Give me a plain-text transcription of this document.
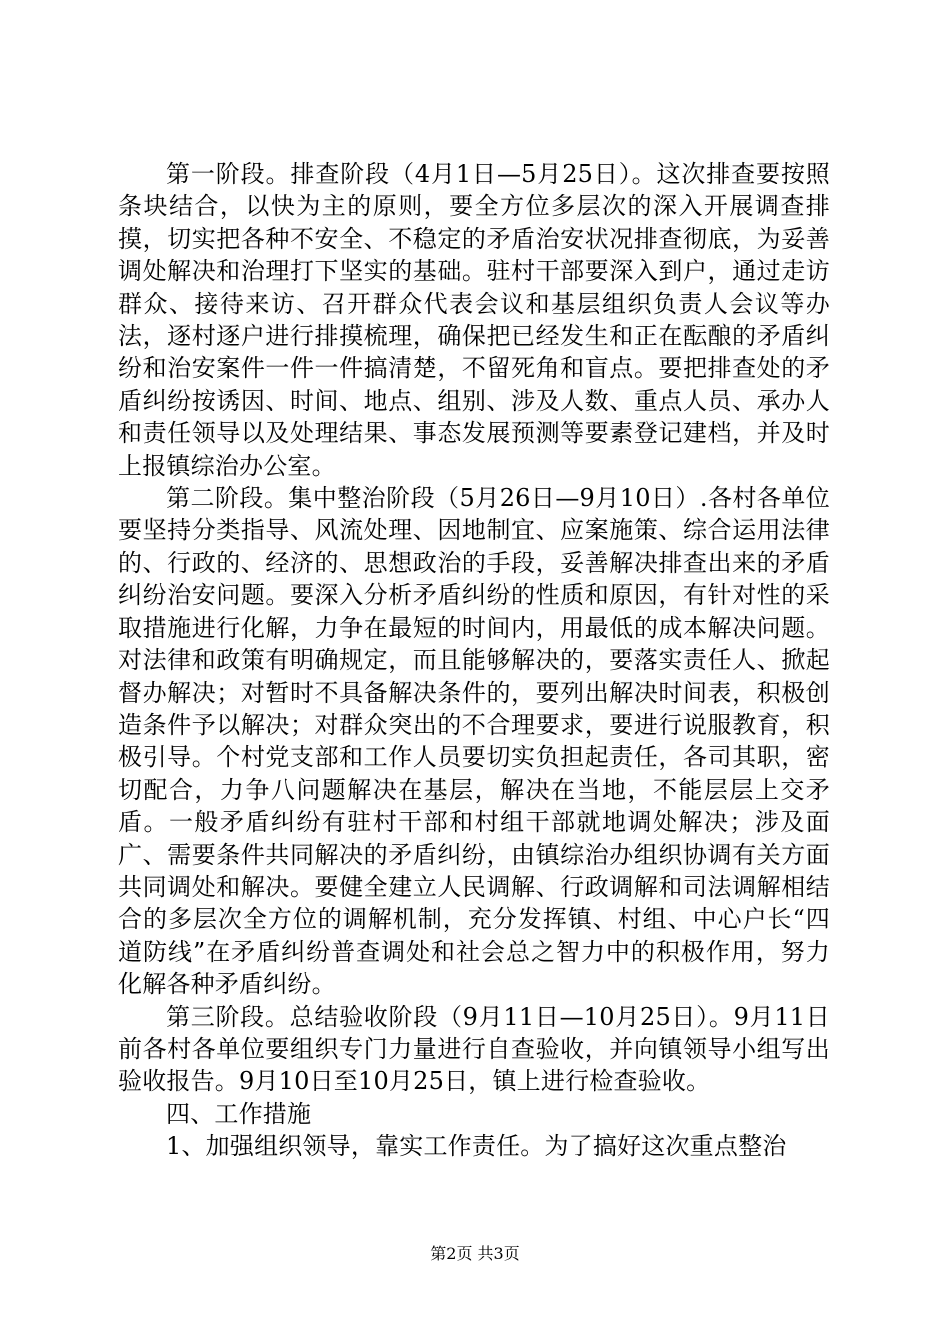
第一阶段。排查阶段（4月1日—5月25日）。这次排查要按照条块结合，以快为主的原则，要全方位多层次的深入开展调查排摸，切实把各种不安全、不稳定的矛盾治安状况排查彻底，为妥善调处解决和治理打下坚实的基础。驻村干部要深入到户，通过走访群众、接待来访、召开群众代表会议和基层组织负责人会议等办法，逐村逐户进行排摸梳理，确保把已经发生和正在酝酿的矛盾纠纷和治安案件一件一件搞清楚，不留死角和盲点。要把排查处的矛盾纠纷按诱因、时间、地点、组别、涉及人数、重点人员、承办人和责任领导以及处理结果、事态发展预测等要素登记建档，并及时上报镇综治办公室。

第二阶段。集中整治阶段（5月26日—9月10日）.各村各单位要坚持分类指导、风流处理、因地制宜、应案施策、综合运用法律的、行政的、经济的、思想政治的手段，妥善解决排查出来的矛盾纠纷治安问题。要深入分析矛盾纠纷的性质和原因，有针对性的采取措施进行化解，力争在最短的时间内，用最低的成本解决问题。对法律和政策有明确规定，而且能够解决的，要落实责任人、掀起督办解决；对暂时不具备解决条件的，要列出解决时间表，积极创造条件予以解决；对群众突出的不合理要求，要进行说服教育，积极引导。个村党支部和工作人员要切实负担起责任，各司其职，密切配合，力争八问题解决在基层，解决在当地，不能层层上交矛盾。一般矛盾纠纷有驻村干部和村组干部就地调处解决；涉及面广、需要条件共同解决的矛盾纠纷，由镇综治办组织协调有关方面共同调处和解决。要健全建立人民调解、行政调解和司法调解相结合的多层次全方位的调解机制，充分发挥镇、村组、中心户长“四道防线”在矛盾纠纷普查调处和社会总之智力中的积极作用，努力化解各种矛盾纠纷。

第三阶段。总结验收阶段（9月11日—10月25日）。9月11日前各村各单位要组织专门力量进行自查验收，并向镇领导小组写出验收报告。9月10日至10月25日，镇上进行检查验收。

四、工作措施

1、加强组织领导，靠实工作责任。为了搞好这次重点整治

第2页 共3页
